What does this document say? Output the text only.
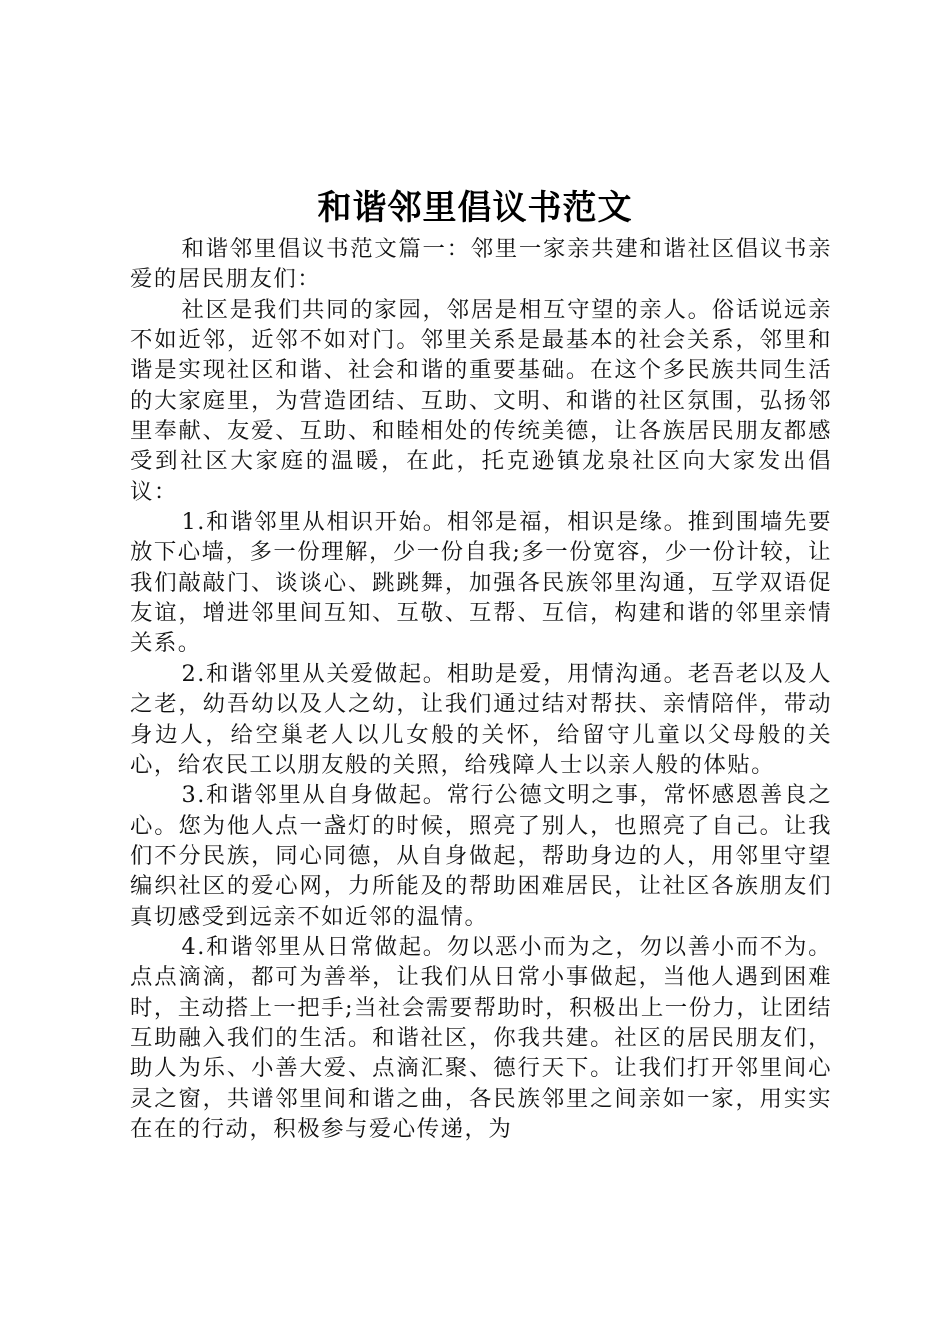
和谐邻里倡议书范文

和谐邻里倡议书范文篇一：邻里一家亲共建和谐社区倡议书亲爱的居民朋友们：

社区是我们共同的家园，邻居是相互守望的亲人。俗话说远亲不如近邻，近邻不如对门。邻里关系是最基本的社会关系，邻里和谐是实现社区和谐、社会和谐的重要基础。在这个多民族共同生活的大家庭里，为营造团结、互助、文明、和谐的社区氛围，弘扬邻里奉献、友爱、互助、和睦相处的传统美德，让各族居民朋友都感受到社区大家庭的温暖，在此，托克逊镇龙泉社区向大家发出倡议：

1.和谐邻里从相识开始。相邻是福，相识是缘。推到围墙先要放下心墙，多一份理解，少一份自我;多一份宽容，少一份计较，让我们敲敲门、谈谈心、跳跳舞，加强各民族邻里沟通，互学双语促友谊，增进邻里间互知、互敬、互帮、互信，构建和谐的邻里亲情关系。

2.和谐邻里从关爱做起。相助是爱，用情沟通。老吾老以及人之老，幼吾幼以及人之幼，让我们通过结对帮扶、亲情陪伴，带动身边人，给空巢老人以儿女般的关怀，给留守儿童以父母般的关心，给农民工以朋友般的关照，给残障人士以亲人般的体贴。

3.和谐邻里从自身做起。常行公德文明之事，常怀感恩善良之心。您为他人点一盏灯的时候，照亮了别人，也照亮了自己。让我们不分民族，同心同德，从自身做起，帮助身边的人，用邻里守望编织社区的爱心网，力所能及的帮助困难居民，让社区各族朋友们真切感受到远亲不如近邻的温情。

4.和谐邻里从日常做起。勿以恶小而为之，勿以善小而不为。点点滴滴，都可为善举，让我们从日常小事做起，当他人遇到困难时，主动搭上一把手;当社会需要帮助时，积极出上一份力，让团结互助融入我们的生活。和谐社区，你我共建。社区的居民朋友们，助人为乐、小善大爱、点滴汇聚、德行天下。让我们打开邻里间心灵之窗，共谱邻里间和谐之曲，各民族邻里之间亲如一家，用实实在在的行动，积极参与爱心传递，为
